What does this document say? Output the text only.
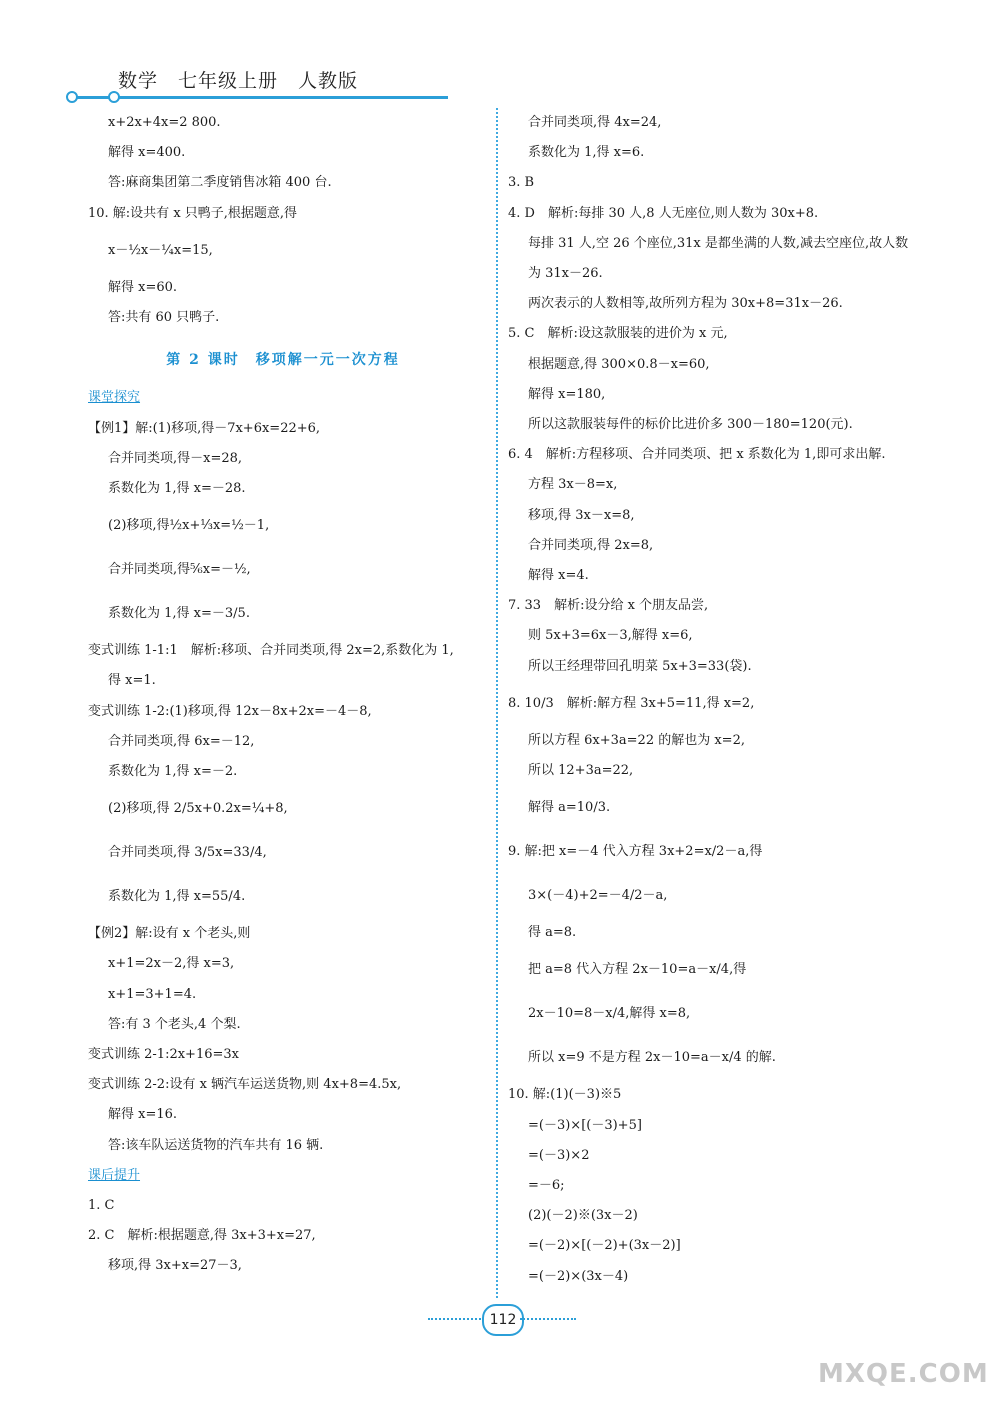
数学　七年级上册　人教版
x+2x+4x=2 800.
解得 x=400.
答:麻商集团第二季度销售冰箱 400 台.
10. 解:设共有 x 只鸭子,根据题意,得
x－½x－¼x=15,
解得 x=60.
答:共有 60 只鸭子.
第 2 课时　移项解一元一次方程
课堂探究
【例1】解:(1)移项,得－7x+6x=22+6,
合并同类项,得－x=28,
系数化为 1,得 x=－28.
(2)移项,得½x+⅓x=½－1,
合并同类项,得⅚x=－½,
系数化为 1,得 x=－3/5.
变式训练 1-1:1　解析:移项、合并同类项,得 2x=2,系数化为 1,
得 x=1.
变式训练 1-2:(1)移项,得 12x－8x+2x=－4－8,
合并同类项,得 6x=－12,
系数化为 1,得 x=－2.
(2)移项,得 2/5x+0.2x=¼+8,
合并同类项,得 3/5x=33/4,
系数化为 1,得 x=55/4.
【例2】解:设有 x 个老头,则
x+1=2x－2,得 x=3,
x+1=3+1=4.
答:有 3 个老头,4 个梨.
变式训练 2-1:2x+16=3x
变式训练 2-2:设有 x 辆汽车运送货物,则 4x+8=4.5x,
解得 x=16.
答:该车队运送货物的汽车共有 16 辆.
课后提升
1. C
2. C　解析:根据题意,得 3x+3+x=27,
移项,得 3x+x=27－3,
合并同类项,得 4x=24,
系数化为 1,得 x=6.
3. B
4. D　解析:每排 30 人,8 人无座位,则人数为 30x+8.
每排 31 人,空 26 个座位,31x 是都坐满的人数,减去空座位,故人数
为 31x－26.
两次表示的人数相等,故所列方程为 30x+8=31x－26.
5. C　解析:设这款服装的进价为 x 元,
根据题意,得 300×0.8－x=60,
解得 x=180,
所以这款服装每件的标价比进价多 300－180=120(元).
6. 4　解析:方程移项、合并同类项、把 x 系数化为 1,即可求出解.
方程 3x－8=x,
移项,得 3x－x=8,
合并同类项,得 2x=8,
解得 x=4.
7. 33　解析:设分给 x 个朋友品尝,
则 5x+3=6x－3,解得 x=6,
所以王经理带回孔明菜 5x+3=33(袋).
8. 10/3　解析:解方程 3x+5=11,得 x=2,
所以方程 6x+3a=22 的解也为 x=2,
所以 12+3a=22,
解得 a=10/3.
9. 解:把 x=－4 代入方程 3x+2=x/2－a,得
3×(－4)+2=－4/2－a,
得 a=8.
把 a=8 代入方程 2x－10=a－x/4,得
2x－10=8－x/4,解得 x=8,
所以 x=9 不是方程 2x－10=a－x/4 的解.
10. 解:(1)(－3)※5
=(－3)×[(－3)+5]
=(－3)×2
=－6;
(2)(－2)※(3x－2)
=(－2)×[(－2)+(3x－2)]
=(－2)×(3x－4)
112
MXQE.COM
